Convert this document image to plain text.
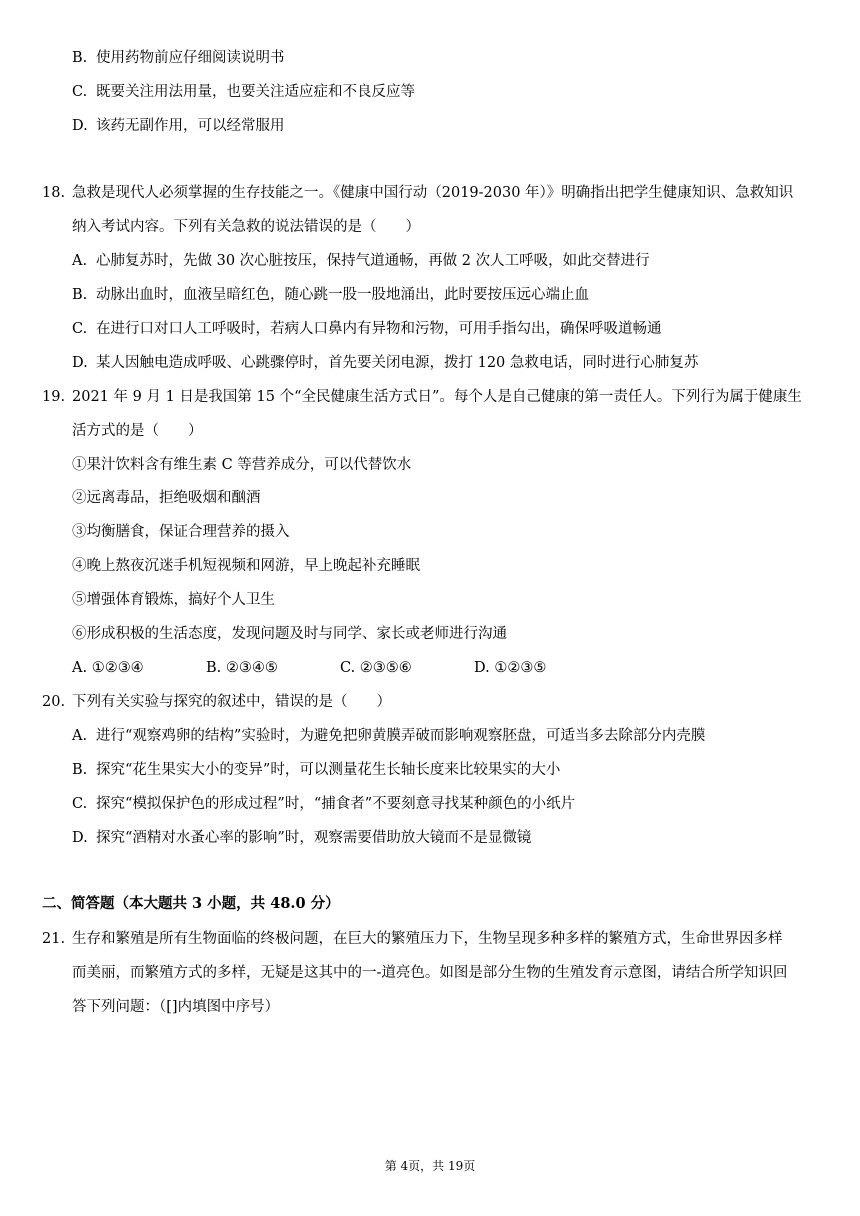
B. 使用药物前应仔细阅读说明书
C. 既要关注用法用量，也要关注适应症和不良反应等
D. 该药无副作用，可以经常服用
18. 急救是现代人必须掌握的生存技能之一。《健康中国行动（2019-2030 年）》明确指出把学生健康知识、急救知识
纳入考试内容。下列有关急救的说法错误的是（　　）
A. 心肺复苏时，先做 30 次心脏按压，保持气道通畅，再做 2 次人工呼吸，如此交替进行
B. 动脉出血时，血液呈暗红色，随心跳一股一股地涌出，此时要按压远心端止血
C. 在进行口对口人工呼吸时，若病人口鼻内有异物和污物，可用手指勾出，确保呼吸道畅通
D. 某人因触电造成呼吸、心跳骤停时，首先要关闭电源，拨打 120 急救电话，同时进行心肺复苏
19. 2021 年 9 月 1 日是我国第 15 个“全民健康生活方式日”。每个人是自己健康的第一责任人。下列行为属于健康生
活方式的是（　　）
①果汁饮料含有维生素 C 等营养成分，可以代替饮水
②远离毒品，拒绝吸烟和酗酒
③均衡膳食，保证合理营养的摄入
④晚上熬夜沉迷手机短视频和网游，早上晚起补充睡眠
⑤增强体育锻炼，搞好个人卫生
⑥形成积极的生活态度，发现问题及时与同学、家长或老师进行沟通
A. ①②③④	B. ②③④⑤	C. ②③⑤⑥	D. ①②③⑤
20. 下列有关实验与探究的叙述中，错误的是（　　）
A. 进行“观察鸡卵的结构”实验时，为避免把卵黄膜弄破而影响观察胚盘，可适当多去除部分内壳膜
B. 探究“花生果实大小的变异”时，可以测量花生长轴长度来比较果实的大小
C. 探究“模拟保护色的形成过程”时，“捕食者”不要刻意寻找某种颜色的小纸片
D. 探究“酒精对水蚤心率的影响”时，观察需要借助放大镜而不是显微镜
二、简答题（本大题共 3 小题，共 48.0 分）
21. 生存和繁殖是所有生物面临的终极问题，在巨大的繁殖压力下，生物呈现多种多样的繁殖方式，生命世界因多样
而美丽，而繁殖方式的多样，无疑是这其中的一-道亮色。如图是部分生物的生殖发育示意图，请结合所学知识回
答下列问题：（[]内填图中序号）
第 4页，共 19页
